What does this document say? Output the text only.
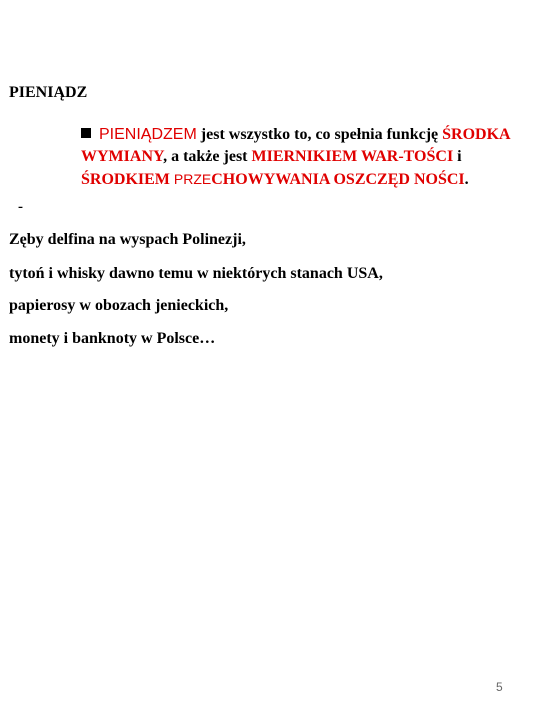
PIENIĄDZ
-
PIENIĄDZEM jest wszystko to, co spełnia funkcję ŚRODKA WYMIANY, a także jest MIERNIKIEM WAR-TOŚCI i ŚRODKIEM PRZECHOWYWANIA OSZCZĘD NOŚCI.
Zęby delfina na wyspach Polinezji,
tytoń i whisky dawno temu w niektórych stanach USA,
papierosy w obozach jenieckich,
monety i banknoty w Polsce…
5
